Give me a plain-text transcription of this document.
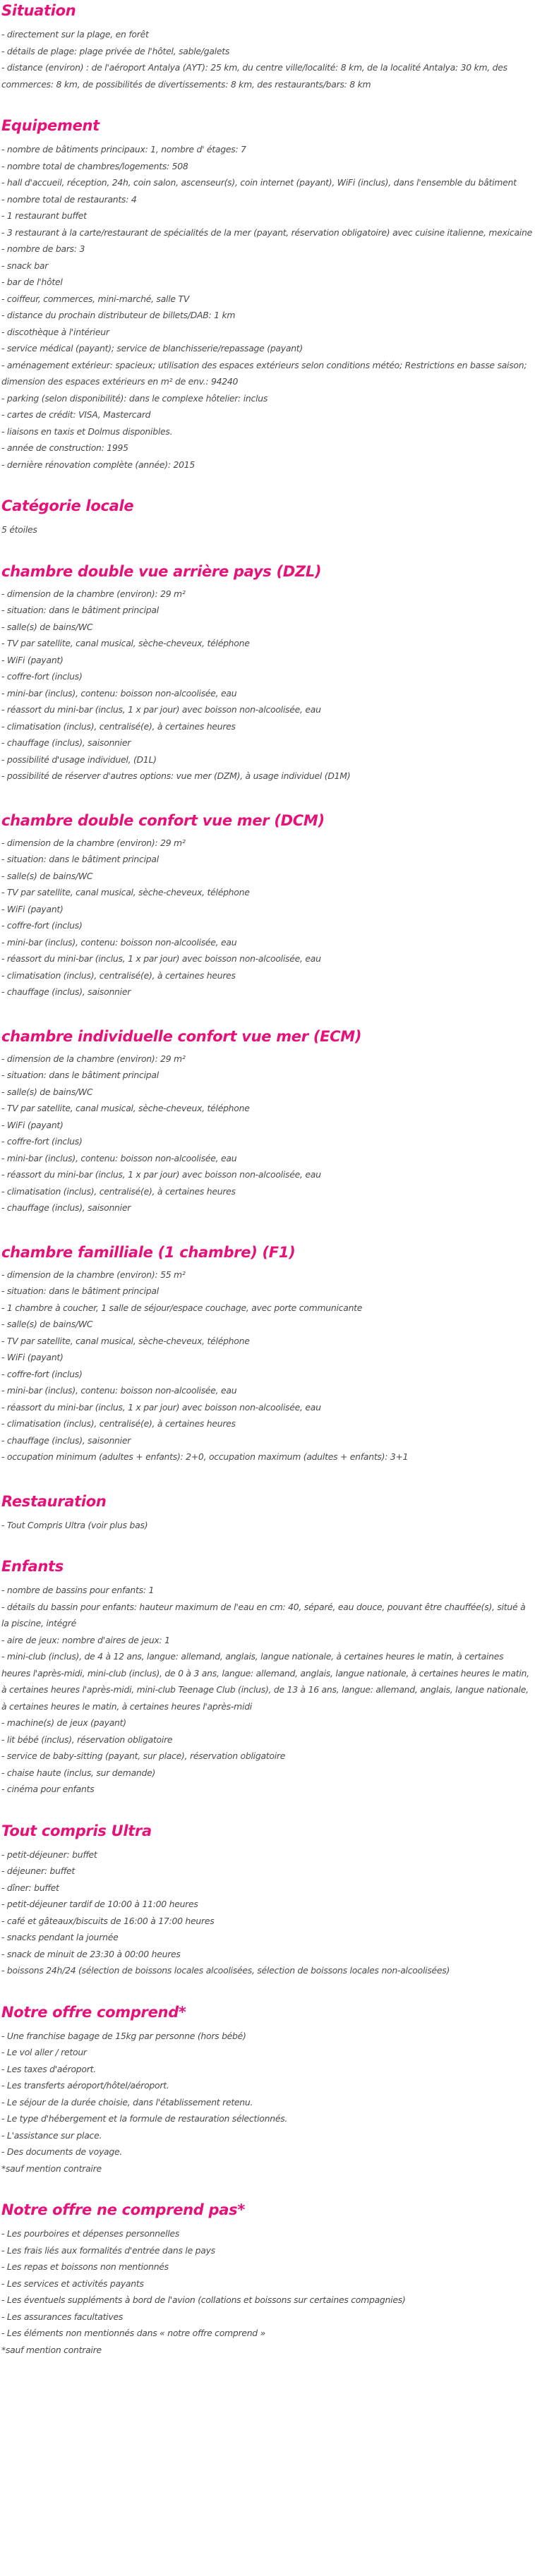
Situation
- directement sur la plage, en forêt
- détails de plage: plage privée de l'hôtel, sable/galets
- distance (environ) : de l'aéroport Antalya (AYT): 25 km, du centre ville/localité: 8 km, de la localité Antalya: 30 km, des commerces: 8 km, de possibilités de divertissements: 8 km, des restaurants/bars: 8 km
Equipement
- nombre de bâtiments principaux: 1, nombre d' étages: 7
- nombre total de chambres/logements: 508
- hall d'accueil, réception, 24h, coin salon, ascenseur(s), coin internet (payant), WiFi (inclus), dans l'ensemble du bâtiment
- nombre total de restaurants: 4
- 1 restaurant buffet
- 3 restaurant à la carte/restaurant de spécialités de la mer (payant, réservation obligatoire) avec cuisine italienne, mexicaine
- nombre de bars: 3
- snack bar
- bar de l'hôtel
- coiffeur, commerces, mini-marché, salle TV
- distance du prochain distributeur de billets/DAB: 1 km
- discothèque à l'intérieur
- service médical (payant); service de blanchisserie/repassage (payant)
- aménagement extérieur: spacieux; utilisation des espaces extérieurs selon conditions météo; Restrictions en basse saison; dimension des espaces extérieurs en m² de env.: 94240
- parking (selon disponibilité): dans le complexe hôtelier: inclus
- cartes de crédit: VISA, Mastercard
- liaisons en taxis et Dolmus disponibles.
- année de construction: 1995
- dernière rénovation complète (année): 2015
Catégorie locale
5 étoiles
chambre double vue arrière pays (DZL)
- dimension de la chambre (environ): 29 m²
- situation: dans le bâtiment principal
- salle(s) de bains/WC
- TV par satellite, canal musical, sèche-cheveux, téléphone
- WiFi (payant)
- coffre-fort (inclus)
- mini-bar (inclus), contenu: boisson non-alcoolisée, eau
- réassort du mini-bar (inclus, 1 x par jour) avec boisson non-alcoolisée, eau
- climatisation (inclus), centralisé(e), à certaines heures
- chauffage (inclus), saisonnier
- possibilité d'usage individuel, (D1L)
- possibilité de réserver d'autres options: vue mer (DZM), à usage individuel (D1M)
chambre double confort vue mer (DCM)
- dimension de la chambre (environ): 29 m²
- situation: dans le bâtiment principal
- salle(s) de bains/WC
- TV par satellite, canal musical, sèche-cheveux, téléphone
- WiFi (payant)
- coffre-fort (inclus)
- mini-bar (inclus), contenu: boisson non-alcoolisée, eau
- réassort du mini-bar (inclus, 1 x par jour) avec boisson non-alcoolisée, eau
- climatisation (inclus), centralisé(e), à certaines heures
- chauffage (inclus), saisonnier
chambre individuelle confort vue mer (ECM)
- dimension de la chambre (environ): 29 m²
- situation: dans le bâtiment principal
- salle(s) de bains/WC
- TV par satellite, canal musical, sèche-cheveux, téléphone
- WiFi (payant)
- coffre-fort (inclus)
- mini-bar (inclus), contenu: boisson non-alcoolisée, eau
- réassort du mini-bar (inclus, 1 x par jour) avec boisson non-alcoolisée, eau
- climatisation (inclus), centralisé(e), à certaines heures
- chauffage (inclus), saisonnier
chambre familliale (1 chambre) (F1)
- dimension de la chambre (environ): 55 m²
- situation: dans le bâtiment principal
- 1 chambre à coucher, 1 salle de séjour/espace couchage, avec porte communicante
- salle(s) de bains/WC
- TV par satellite, canal musical, sèche-cheveux, téléphone
- WiFi (payant)
- coffre-fort (inclus)
- mini-bar (inclus), contenu: boisson non-alcoolisée, eau
- réassort du mini-bar (inclus, 1 x par jour) avec boisson non-alcoolisée, eau
- climatisation (inclus), centralisé(e), à certaines heures
- chauffage (inclus), saisonnier
- occupation minimum (adultes + enfants): 2+0, occupation maximum (adultes + enfants): 3+1
Restauration
- Tout Compris Ultra (voir plus bas)
Enfants
- nombre de bassins pour enfants: 1
- détails du bassin pour enfants: hauteur maximum de l'eau en cm: 40, séparé, eau douce, pouvant être chauffée(s), situé à la piscine, intégré
- aire de jeux: nombre d'aires de jeux: 1
- mini-club (inclus), de 4 à 12 ans, langue: allemand, anglais, langue nationale, à certaines heures le matin, à certaines heures l'après-midi, mini-club (inclus), de 0 à 3 ans, langue: allemand, anglais, langue nationale, à certaines heures le matin, à certaines heures l'après-midi, mini-club Teenage Club (inclus), de 13 à 16 ans, langue: allemand, anglais, langue nationale, à certaines heures le matin, à certaines heures l'après-midi
- machine(s) de jeux (payant)
- lit bébé (inclus), réservation obligatoire
- service de baby-sitting (payant, sur place), réservation obligatoire
- chaise haute (inclus, sur demande)
- cinéma pour enfants
Tout compris Ultra
- petit-déjeuner: buffet
- déjeuner: buffet
- dîner: buffet
- petit-déjeuner tardif de 10:00 à 11:00 heures
- café et gâteaux/biscuits de 16:00 à 17:00 heures
- snacks pendant la journée
- snack de minuit de 23:30 à 00:00 heures
- boissons 24h/24 (sélection de boissons locales alcoolisées, sélection de boissons locales non-alcoolisées)
Notre offre comprend*
- Une franchise bagage de 15kg par personne (hors bébé)
- Le vol aller / retour
- Les taxes d'aéroport.
- Les transferts aéroport/hôtel/aéroport.
- Le séjour de la durée choisie, dans l'établissement retenu.
- Le type d'hébergement et la formule de restauration sélectionnés.
- L'assistance sur place.
- Des documents de voyage.
*sauf mention contraire
Notre offre ne comprend pas*
- Les pourboires et dépenses personnelles
- Les frais liés aux formalités d'entrée dans le pays
- Les repas et boissons non mentionnés
- Les services et activités payants
- Les éventuels suppléments à bord de l'avion (collations et boissons sur certaines compagnies)
- Les assurances facultatives
- Les éléments non mentionnés dans « notre offre comprend »
*sauf mention contraire
